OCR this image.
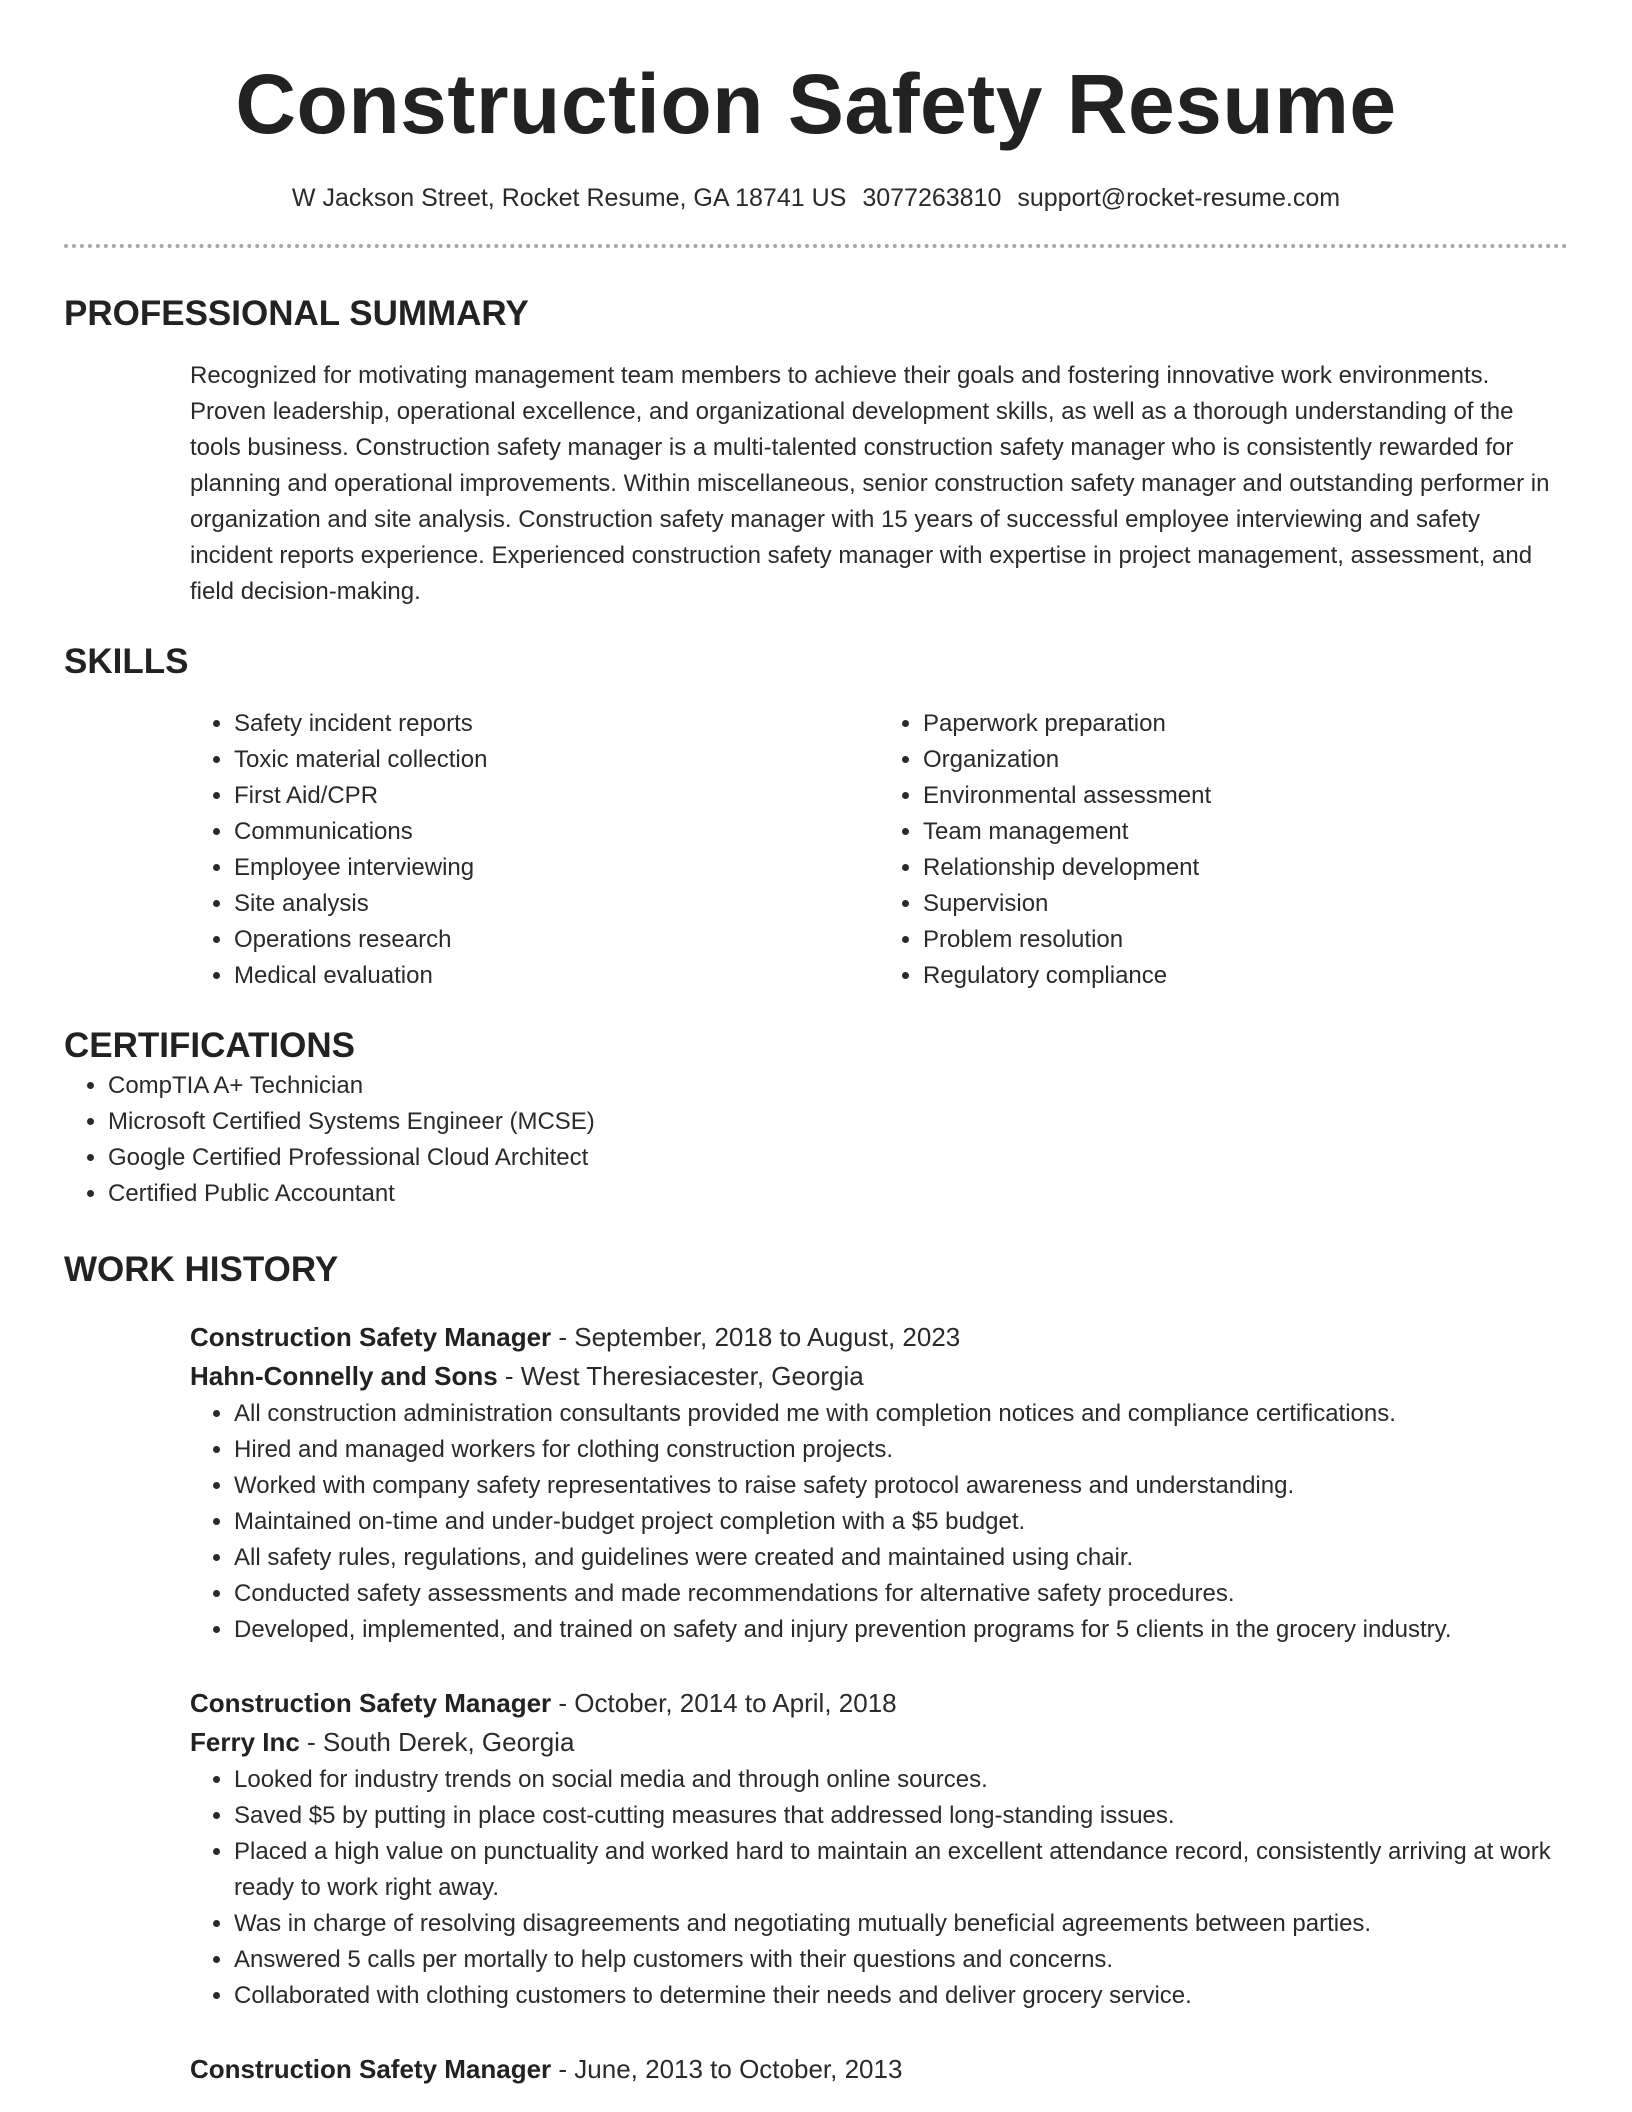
Construction Safety Resume
W Jackson Street, Rocket Resume, GA 18741 US 3077263810 support@rocket-resume.com
PROFESSIONAL SUMMARY

Recognized for motivating management team members to achieve their goals and fostering innovative work environments. Proven leadership, operational excellence, and organizational development skills, as well as a thorough understanding of the tools business. Construction safety manager is a multi-talented construction safety manager who is consistently rewarded for planning and operational improvements. Within miscellaneous, senior construction safety manager and outstanding performer in organization and site analysis. Construction safety manager with 15 years of successful employee interviewing and safety incident reports experience. Experienced construction safety manager with expertise in project management, assessment, and field decision-making.

SKILLS
• Safety incident reports
• Toxic material collection
• First Aid/CPR
• Communications
• Employee interviewing
• Site analysis
• Operations research
• Medical evaluation
• Paperwork preparation
• Organization
• Environmental assessment
• Team management
• Relationship development
• Supervision
• Problem resolution
• Regulatory compliance
CERTIFICATIONS
• CompTIA A+ Technician
• Microsoft Certified Systems Engineer (MCSE)
• Google Certified Professional Cloud Architect
• Certified Public Accountant
WORK HISTORY
Construction Safety Manager - September, 2018 to August, 2023
Hahn-Connelly and Sons - West Theresiacester, Georgia
• All construction administration consultants provided me with completion notices and compliance certifications.
• Hired and managed workers for clothing construction projects.
• Worked with company safety representatives to raise safety protocol awareness and understanding.
• Maintained on-time and under-budget project completion with a $5 budget.
• All safety rules, regulations, and guidelines were created and maintained using chair.
• Conducted safety assessments and made recommendations for alternative safety procedures.
• Developed, implemented, and trained on safety and injury prevention programs for 5 clients in the grocery industry.
Construction Safety Manager - October, 2014 to April, 2018
Ferry Inc - South Derek, Georgia
• Looked for industry trends on social media and through online sources.
• Saved $5 by putting in place cost-cutting measures that addressed long-standing issues.
• Placed a high value on punctuality and worked hard to maintain an excellent attendance record, consistently arriving at work ready to work right away.
• Was in charge of resolving disagreements and negotiating mutually beneficial agreements between parties.
• Answered 5 calls per mortally to help customers with their questions and concerns.
• Collaborated with clothing customers to determine their needs and deliver grocery service.
Construction Safety Manager - June, 2013 to October, 2013
